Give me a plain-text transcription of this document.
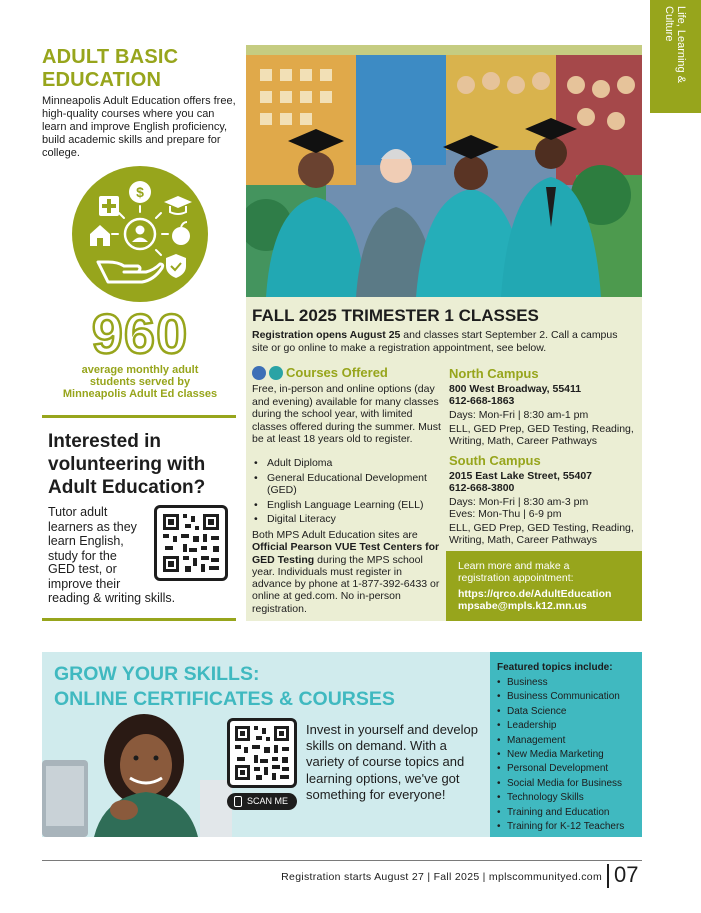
Life, Learning & Culture
ADULT BASIC
EDUCATION
Minneapolis Adult Education offers free, high-quality courses where you can learn and improve English proficiency, build academic skills and prepare for college.
$
960
average monthly adult
students served by
Minneapolis Adult Ed classes
Interested in
volunteering with
Adult Education?
Tutor adult
learners as they
learn English,
study for the
GED test, or
improve their
reading & writing skills.
FALL 2025 TRIMESTER 1 CLASSES
Registration opens August 25 and classes start September 2. Call a campus site or go online to make a registration appointment, see below.
Courses Offered
Free, in-person and online options (day and evening) available for many classes during the school year, with limited classes offered during the summer. Must be at least 18 years old to register.
• Adult Diploma
• General Educational Development (GED)
• English Language Learning (ELL)
• Digital Literacy
Both MPS Adult Education sites are Official Pearson VUE Test Centers for GED Testing during the MPS school year. Individuals must register in advance by phone at 1-877-392-6433 or online at ged.com. No in-person registration.
North Campus
800 West Broadway, 55411
612-668-1863
Days: Mon-Fri | 8:30 am-1 pm
ELL, GED Prep, GED Testing, Reading, Writing, Math, Career Pathways
South Campus
2015 East Lake Street, 55407
612-668-3800
Days: Mon-Fri | 8:30 am-3 pm
Eves: Mon-Thu | 6-9 pm
ELL, GED Prep, GED Testing, Reading, Writing, Math, Career Pathways
Learn more and make a
registration appointment:
https://qrco.de/AdultEducation
mpsabe@mpls.k12.mn.us
GROW YOUR SKILLS:
ONLINE CERTIFICATES & COURSES
SCAN ME
Invest in yourself and develop skills on demand. With a variety of course topics and learning options, we've got something for everyone!
Featured topics include:
• Business
• Business Communication
• Data Science
• Leadership
• Management
• New Media Marketing
• Personal Development
• Social Media for Business
• Technology Skills
• Training and Education
• Training for K-12 Teachers
Registration starts August 27 | Fall 2025 | mplscommunityed.com 07
